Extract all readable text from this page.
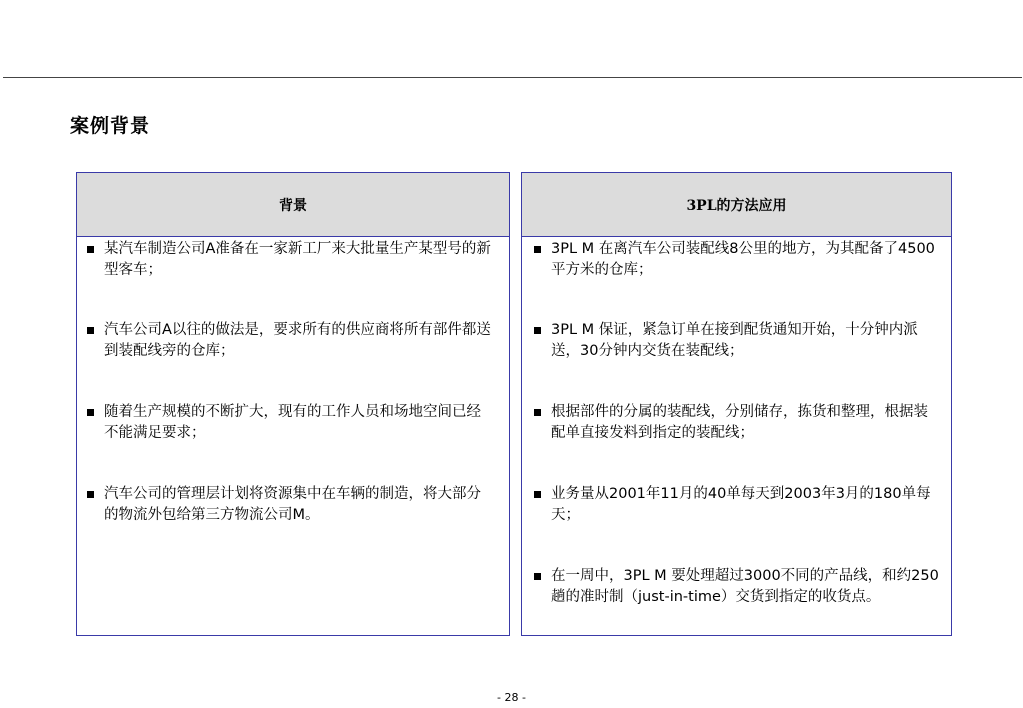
案例背景
背景
某汽车制造公司A准备在一家新工厂来大批量生产某型号的新型客车；
汽车公司A以往的做法是，要求所有的供应商将所有部件都送到装配线旁的仓库；
随着生产规模的不断扩大，现有的工作人员和场地空间已经不能满足要求；
汽车公司的管理层计划将资源集中在车辆的制造，将大部分的物流外包给第三方物流公司M。
3PL的方法应用
3PL M 在离汽车公司装配线8公里的地方，为其配备了4500平方米的仓库；
3PL M 保证，紧急订单在接到配货通知开始，十分钟内派送，30分钟内交货在装配线；
根据部件的分属的装配线，分别储存，拣货和整理，根据装配单直接发料到指定的装配线；
业务量从2001年11月的40单每天到2003年3月的180单每天；
在一周中，3PL M 要处理超过3000不同的产品线，和约250趟的准时制（just-in-time）交货到指定的收货点。
- 28 -
